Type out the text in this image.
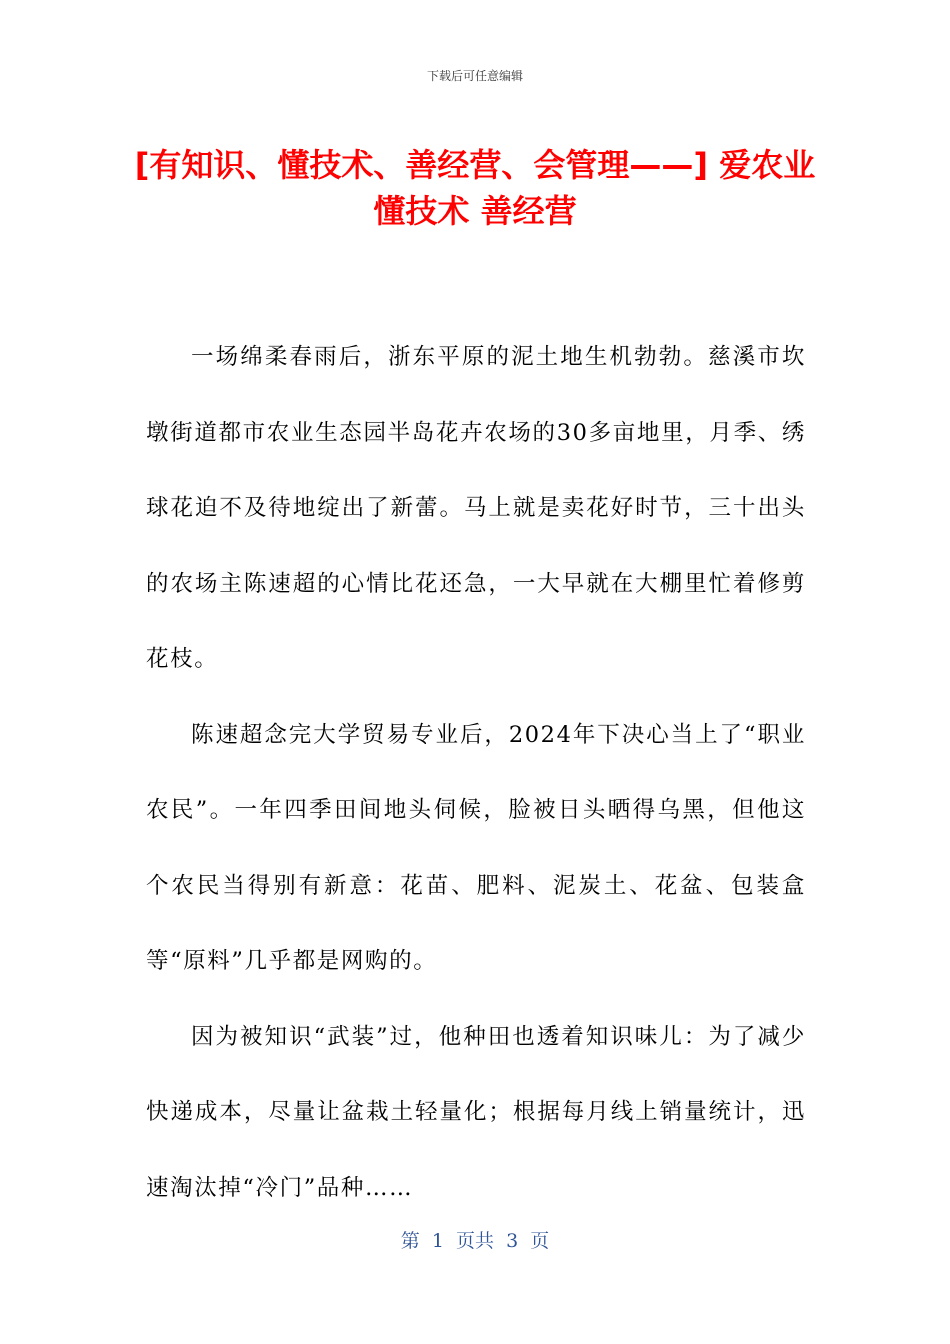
下载后可任意编辑
[有知识、懂技术、善经营、会管理——] 爱农业 懂技术 善经营

一场绵柔春雨后，浙东平原的泥土地生机勃勃。慈溪市坎墩街道都市农业生态园半岛花卉农场的30多亩地里，月季、绣球花迫不及待地绽出了新蕾。马上就是卖花好时节，三十出头的农场主陈速超的心情比花还急，一大早就在大棚里忙着修剪花枝。

陈速超念完大学贸易专业后，2024年下决心当上了“职业农民”。一年四季田间地头伺候，脸被日头晒得乌黑，但他这个农民当得别有新意：花苗、肥料、泥炭土、花盆、包装盒等“原料”几乎都是网购的。

因为被知识“武装”过，他种田也透着知识味儿：为了减少快递成本，尽量让盆栽土轻量化；根据每月线上销量统计，迅速淘汰掉“冷门”品种……

第  1  页共  3  页
